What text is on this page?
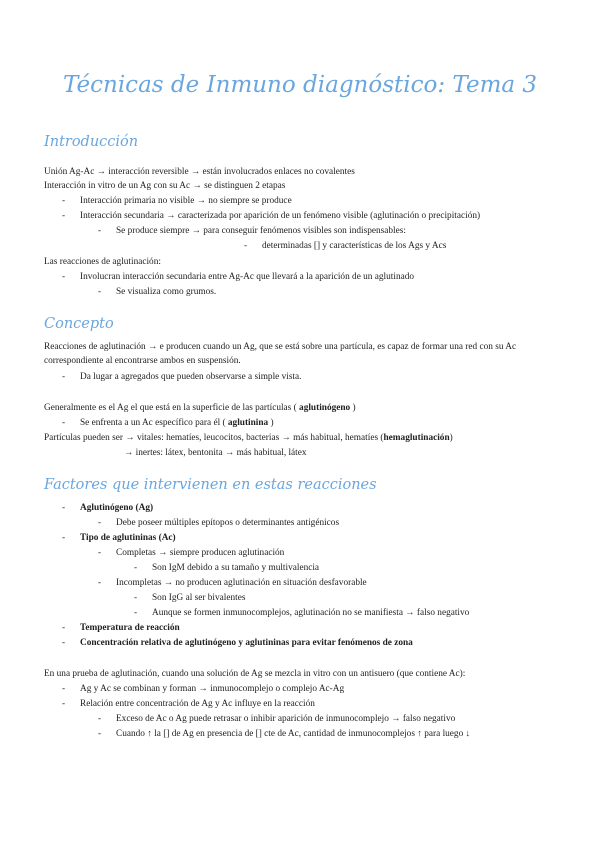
Técnicas de Inmuno diagnóstico: Tema 3
Introducción
Unión Ag-Ac → interacción reversible → están involucrados enlaces no covalentes
Interacción in vitro de un Ag con su Ac → se distinguen 2 etapas
- Interacción primaria no visible → no siempre se produce
- Interacción secundaria → caracterizada por aparición de un fenómeno visible (aglutinación o precipitación)
- Se produce siempre → para conseguir fenómenos visibles son indispensables:
- determinadas [] y características de los Ags y Acs
Las reacciones de aglutinación:
- Involucran interacción secundaria entre Ag-Ac que llevará a la aparición de un aglutinado
- Se visualiza como grumos.
Concepto
Reacciones de aglutinación → e producen cuando un Ag, que se está sobre una partícula, es capaz de formar una red con su Ac
correspondiente al encontrarse ambos en suspensión.
- Da lugar a agregados que pueden observarse a simple vista.
Generalmente es el Ag el que está en la superficie de las partículas ( aglutinógeno )
- Se enfrenta a un Ac específico para él ( aglutinina )
Partículas pueden ser → vitales: hematíes, leucocitos, bacterias → más habitual, hematíes (hemaglutinación)
→ inertes: látex, bentonita → más habitual, látex
Factores que intervienen en estas reacciones
- Aglutinógeno (Ag)
- Debe poseer múltiples epítopos o determinantes antigénicos
- Tipo de aglutininas (Ac)
- Completas → siempre producen aglutinación
- Son IgM debido a su tamaño y multivalencia
- Incompletas → no producen aglutinación en situación desfavorable
- Son IgG al ser bivalentes
- Aunque se formen inmunocomplejos, aglutinación no se manifiesta → falso negativo
- Temperatura de reacción
- Concentración relativa de aglutinógeno y aglutininas para evitar fenómenos de zona
En una prueba de aglutinación, cuando una solución de Ag se mezcla in vitro con un antisuero (que contiene Ac):
- Ag y Ac se combinan y forman → inmunocomplejo o complejo Ac-Ag
- Relación entre concentración de Ag y Ac influye en la reacción
- Exceso de Ac o Ag puede retrasar o inhibir aparición de inmunocomplejo → falso negativo
- Cuando ↑ la [] de Ag en presencia de [] cte de Ac, cantidad de inmunocomplejos ↑ para luego ↓
